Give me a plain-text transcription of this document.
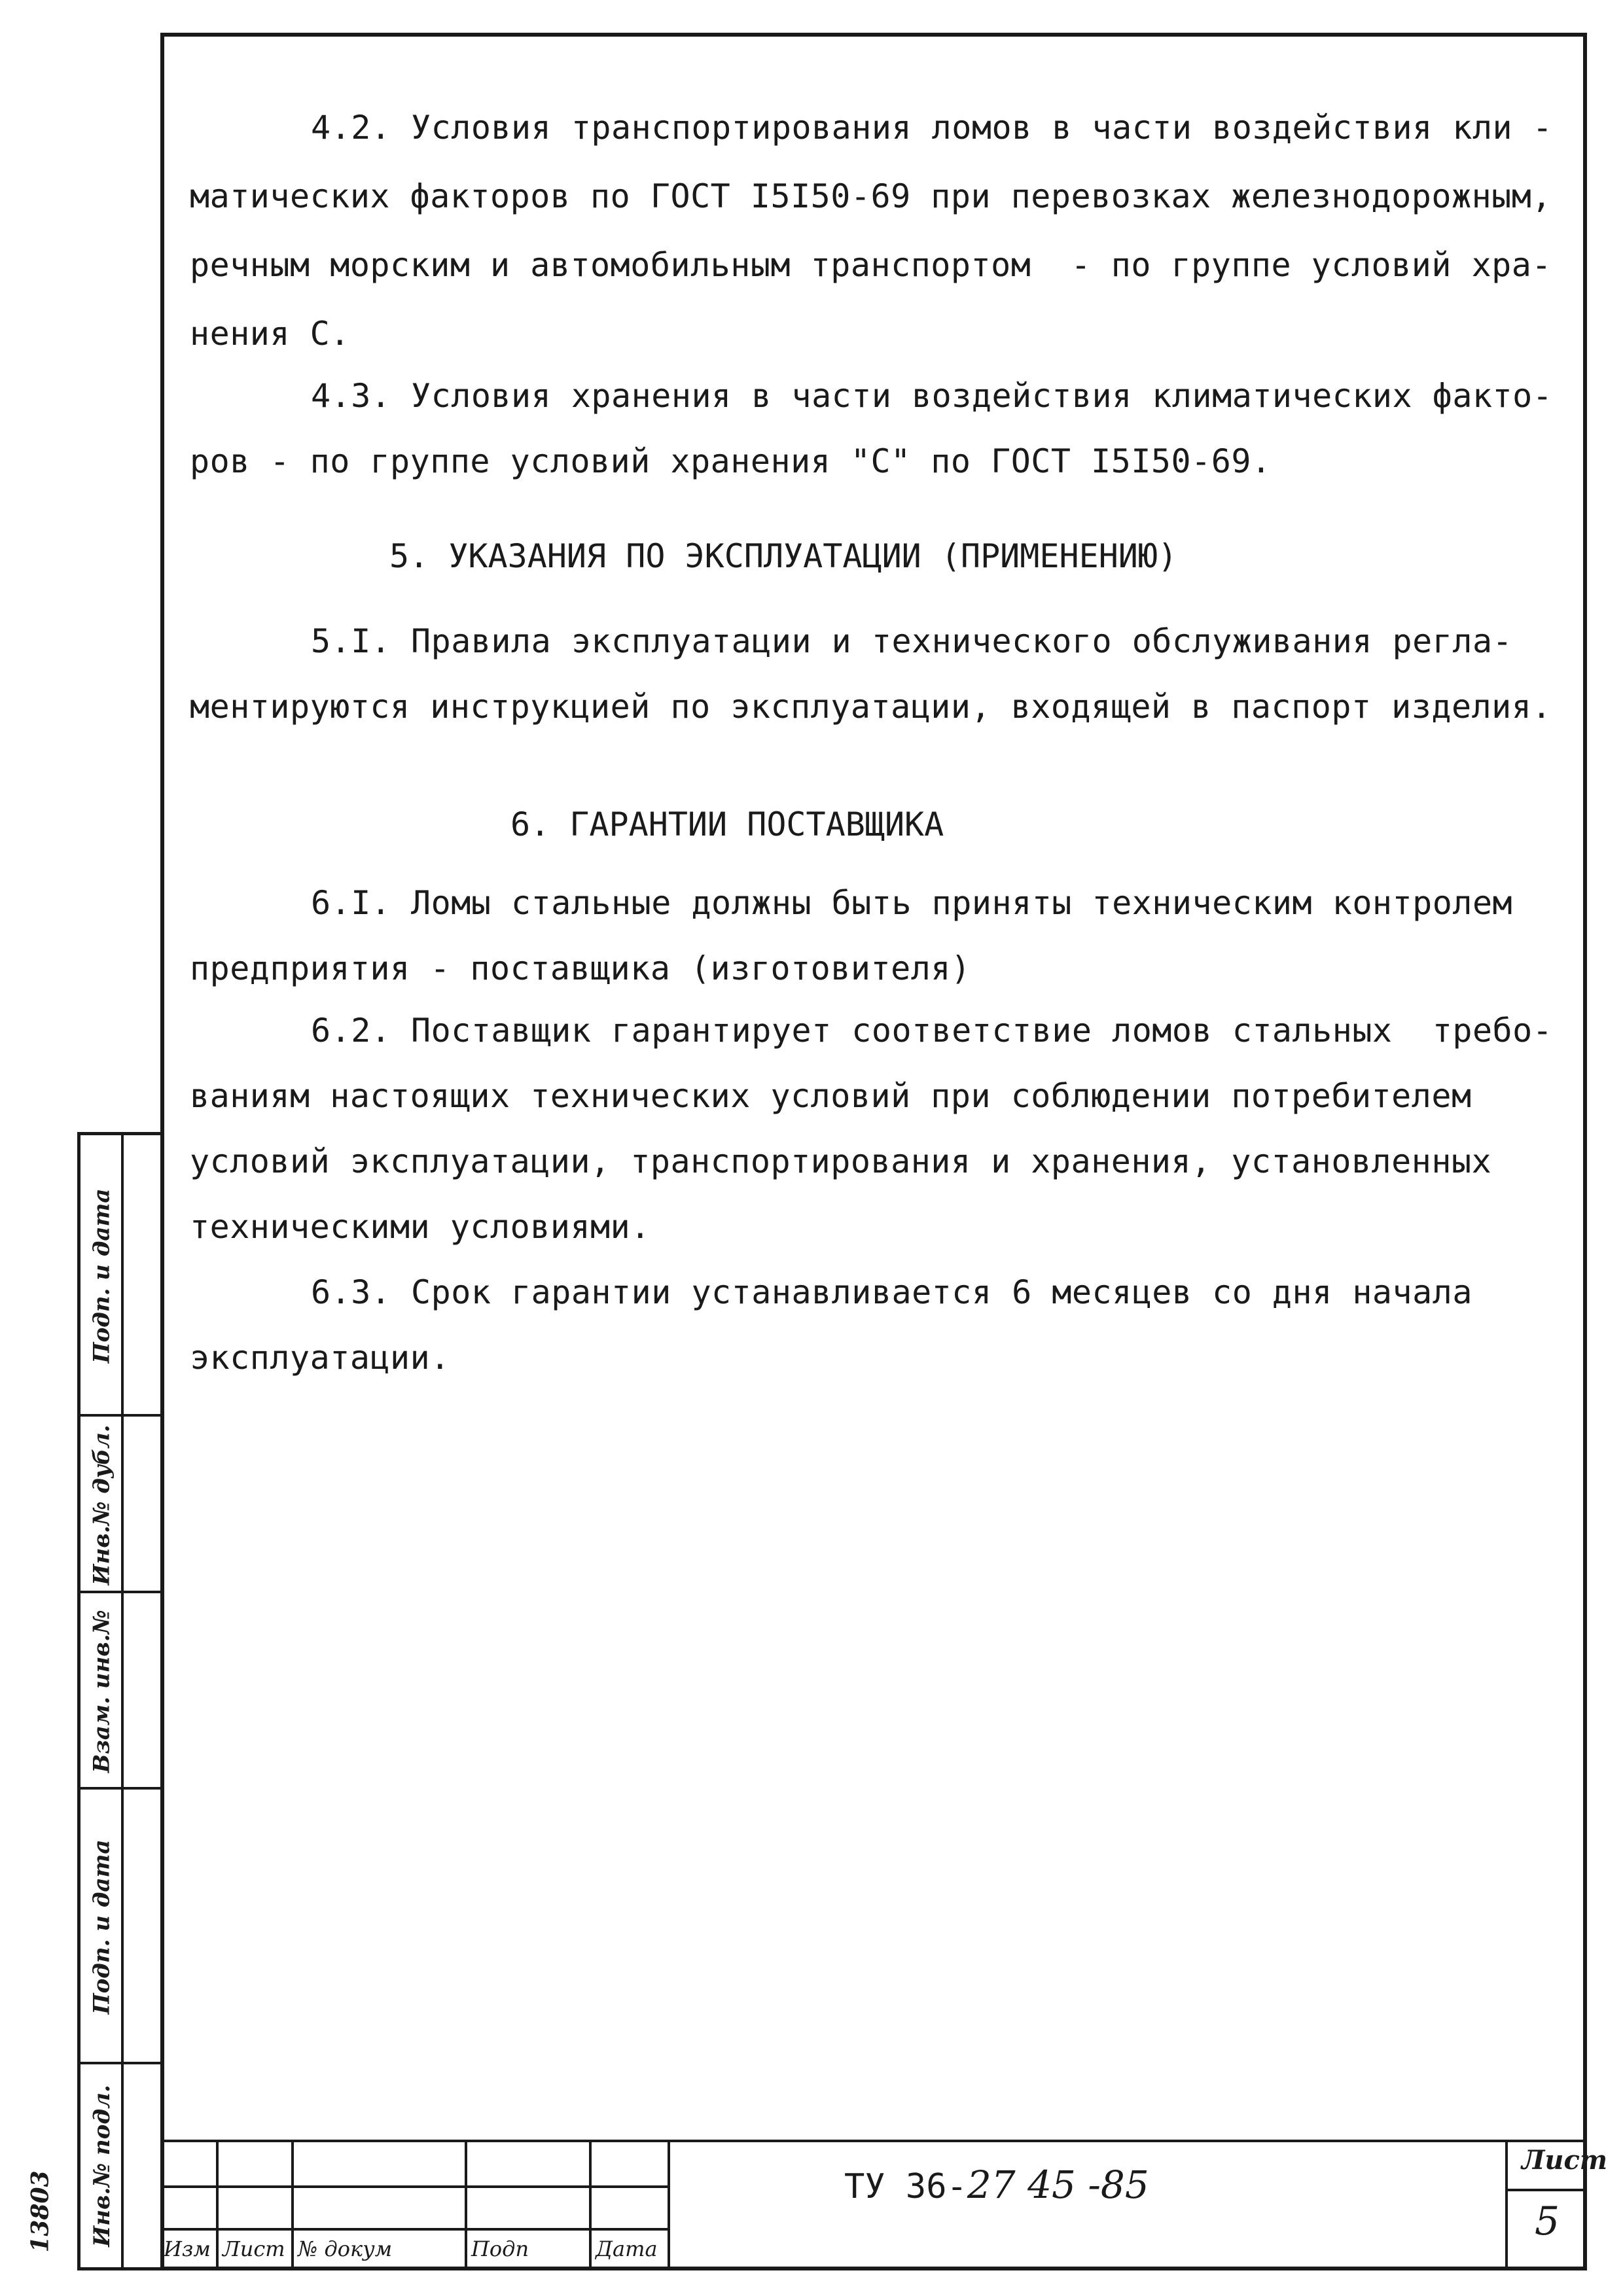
4.2. Условия транспортирования ломов в части воздействия кли -
матических факторов по ГОСТ I5I50-69 при перевозках железнодорожным,
речным морским и автомобильным транспортом  - по группе условий хра-
нения С.
4.3. Условия хранения в части воздействия климатических факто-
ров - по группе условий хранения "С" по ГОСТ I5I50-69.
5. УКАЗАНИЯ ПО ЭКСПЛУАТАЦИИ (ПРИМЕНЕНИЮ)
5.I. Правила эксплуатации и технического обслуживания регла-
ментируются инструкцией по эксплуатации, входящей в паспорт изделия.
6. ГАРАНТИИ ПОСТАВЩИКА
6.I. Ломы стальные должны быть приняты техническим контролем
предприятия - поставщика (изготовителя)
6.2. Поставщик гарантирует соответствие ломов стальных  требо-
ваниям настоящих технических условий при соблюдении потребителем
условий эксплуатации, транспортирования и хранения, установленных
техническими условиями.
6.3. Срок гарантии устанавливается 6 месяцев со дня начала
эксплуатации.
Подп. и дата
Инв.№ дубл.
Взам. инв.№
Подп. и дата
Инв.№ подл.
13803	Изм Лист № докум	Подп	Дата
ТУ 36-27 45 -85
Лист
5
